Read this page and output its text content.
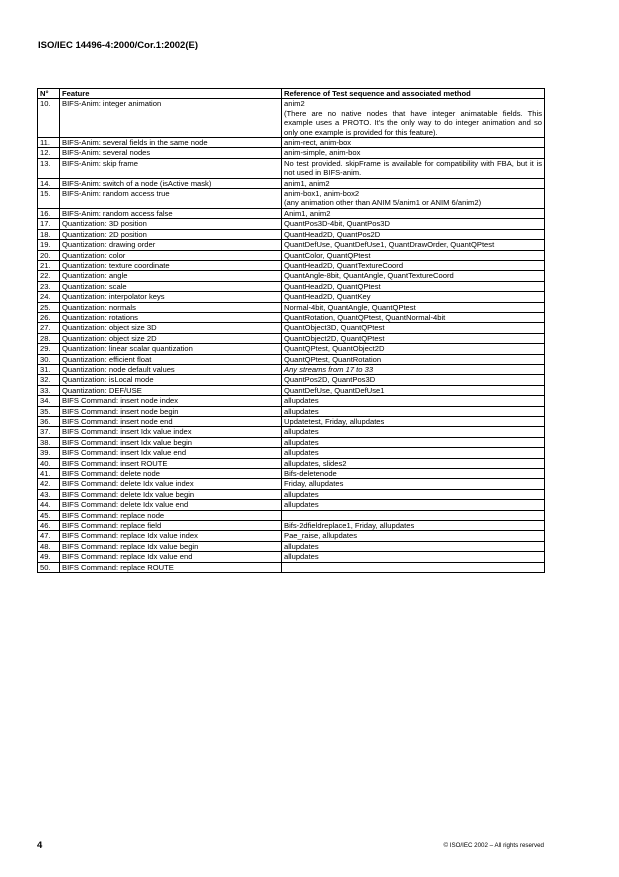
ISO/IEC 14496-4:2000/Cor.1:2002(E)
N°	Feature	Reference of Test sequence and associated method
10.	BIFS-Anim: integer animation	anim2
(There are no native nodes that have integer animatable fields. This example uses a PROTO. It's the only way to do integer animation and so only one example is provided for this feature).

11.	BIFS-Anim: several fields in the same node	anim-rect, anim-box
12.	BIFS-Anim: several nodes	anim-simple, anim-box
13.	BIFS-Anim: skip frame	No test provided. skipFrame is available for compatibility with FBA, but it is not used in BIFS-anim.
14.	BIFS-Anim: switch of a node (isActive mask)	anim1, anim2
15.	BIFS-Anim: random access true	anim-box1, anim-box2
(any animation other than ANIM 5/anim1 or ANIM 6/anim2)

16.	BIFS-Anim: random access false	Anim1, anim2
17.	Quantization: 3D position	QuantPos3D-4bit, QuantPos3D
18.	Quantization: 2D position	QuantHead2D, QuantPos2D
19.	Quantization: drawing order	QuantDefUse, QuantDefUse1, QuantDrawOrder, QuantQPtest
20.	Quantization: color	QuantColor, QuantQPtest
21.	Quantization: texture coordinate	QuantHead2D, QuantTextureCoord
22.	Quantization: angle	QuantAngle-8bit, QuantAngle, QuantTextureCoord
23.	Quantization: scale	QuantHead2D, QuantQPtest
24.	Quantization: interpolator keys	QuantHead2D, QuantKey
25.	Quantization: normals	Normal-4bit, QuantAngle, QuantQPtest
26.	Quantization: rotations	QuantRotation, QuantQPtest, QuantNormal-4bit
27.	Quantization: object size 3D	QuantObject3D, QuantQPtest
28.	Quantization: object size 2D	QuantObject2D, QuantQPtest
29.	Quantization: linear scalar quantization	QuantQPtest, QuantObject2D
30.	Quantization: efficient float	QuantQPtest, QuantRotation
31.	Quantization: node default values	Any streams from 17 to 33
32.	Quantization: isLocal mode	QuantPos2D, QuantPos3D
33.	Quantization: DEF/USE	QuantDefUse, QuantDefUse1
34.	BIFS Command: insert node index	allupdates
35.	BIFS Command: insert node begin	allupdates
36.	BIFS Command: insert node end	Updatetest, Friday, allupdates
37.	BIFS Command: insert Idx value index	allupdates
38.	BIFS Command: insert Idx value begin	allupdates
39.	BIFS Command: insert Idx value end	allupdates
40.	BIFS Command: insert ROUTE	allupdates, slides2
41.	BIFS Command: delete node	Bifs-deletenode
42.	BIFS Command: delete Idx value index	Friday, allupdates
43.	BIFS Command: delete Idx value begin	allupdates
44.	BIFS Command: delete Idx value end	allupdates
45.	BIFS Command: replace node	
46.	BIFS Command: replace field	Bifs-2dfieldreplace1, Friday, allupdates
47.	BIFS Command: replace Idx value index	Pae_raise, allupdates
48.	BIFS Command: replace Idx value begin	allupdates
49.	BIFS Command: replace Idx value end	allupdates
50.	BIFS Command: replace ROUTE	
4	© ISO/IEC 2002 – All rights reserved
